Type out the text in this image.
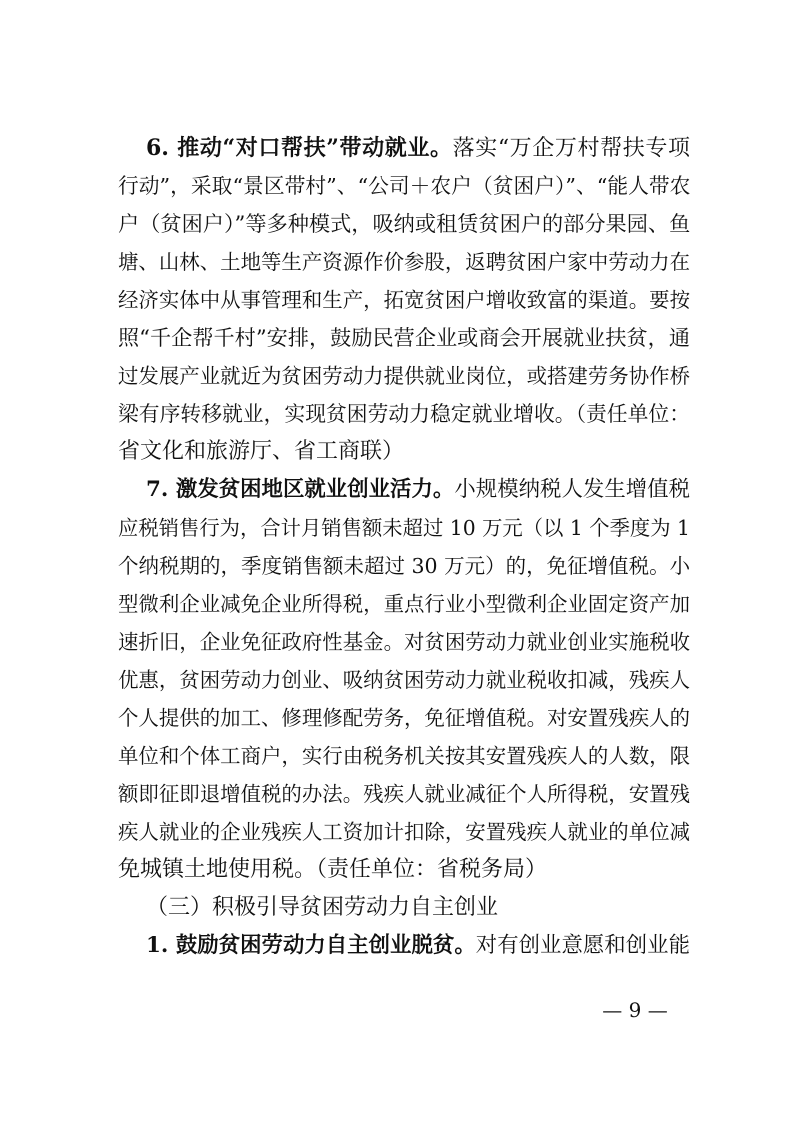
6. 推动“对口帮扶”带动就业。落实“万企万村帮扶专项
行动”，采取“景区带村”、“公司＋农户（贫困户）”、“能人带农
户（贫困户）”等多种模式，吸纳或租赁贫困户的部分果园、鱼
塘、山林、土地等生产资源作价参股，返聘贫困户家中劳动力在
经济实体中从事管理和生产，拓宽贫困户增收致富的渠道。要按
照“千企帮千村”安排，鼓励民营企业或商会开展就业扶贫，通
过发展产业就近为贫困劳动力提供就业岗位，或搭建劳务协作桥
梁有序转移就业，实现贫困劳动力稳定就业增收。（责任单位：
省文化和旅游厅、省工商联）
7. 激发贫困地区就业创业活力。小规模纳税人发生增值税
应税销售行为，合计月销售额未超过 10 万元（以 1 个季度为 1
个纳税期的，季度销售额未超过 30 万元）的，免征增值税。小
型微利企业减免企业所得税，重点行业小型微利企业固定资产加
速折旧，企业免征政府性基金。对贫困劳动力就业创业实施税收
优惠，贫困劳动力创业、吸纳贫困劳动力就业税收扣减，残疾人
个人提供的加工、修理修配劳务，免征增值税。对安置残疾人的
单位和个体工商户，实行由税务机关按其安置残疾人的人数，限
额即征即退增值税的办法。残疾人就业减征个人所得税，安置残
疾人就业的企业残疾人工资加计扣除，安置残疾人就业的单位减
免城镇土地使用税。（责任单位：省税务局）
（三）积极引导贫困劳动力自主创业
1. 鼓励贫困劳动力自主创业脱贫。对有创业意愿和创业能
— 9 —
